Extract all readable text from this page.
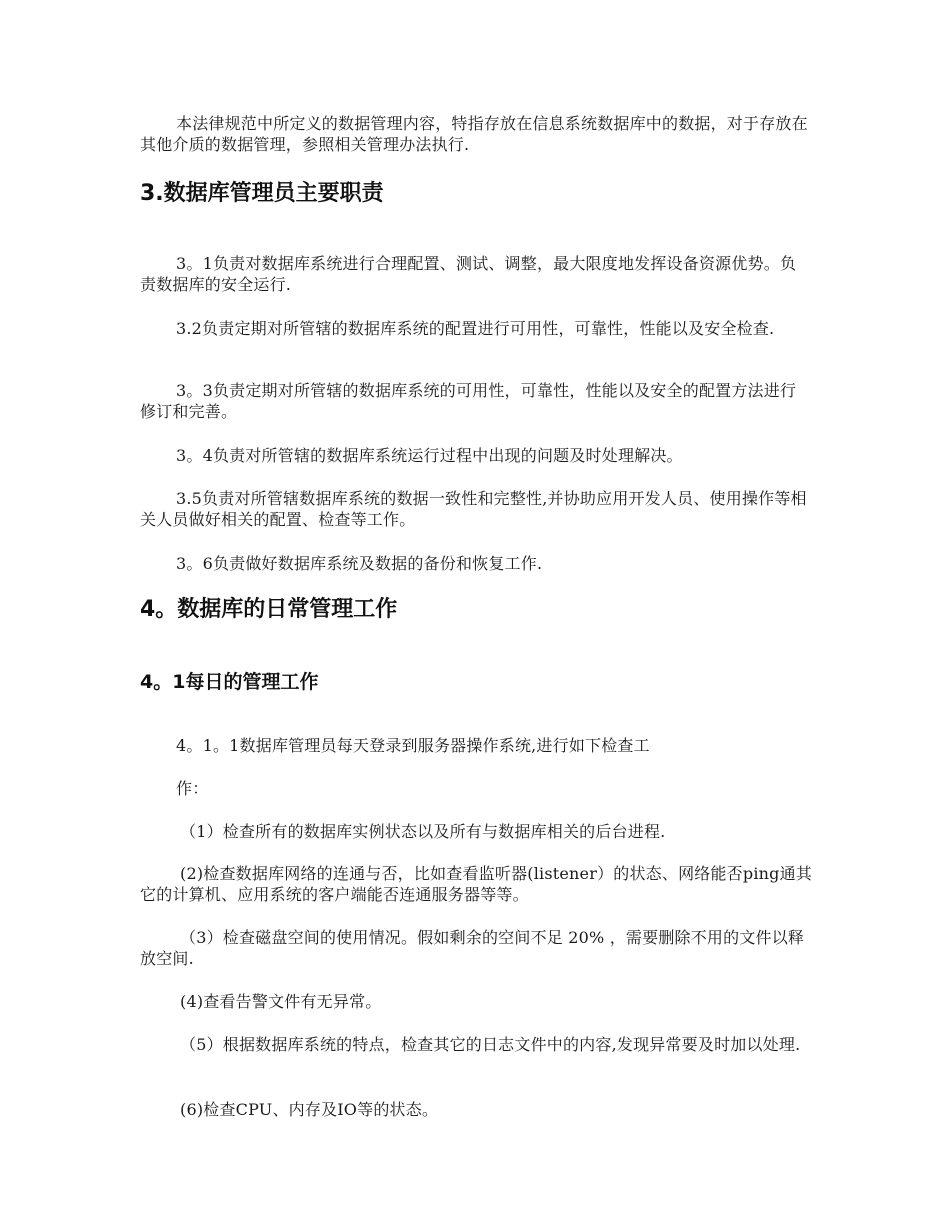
本法律规范中所定义的数据管理内容，特指存放在信息系统数据库中的数据，对于存放在其他介质的数据管理，参照相关管理办法执行.
3.数据库管理员主要职责
3。1负责对数据库系统进行合理配置、测试、调整，最大限度地发挥设备资源优势。负责数据库的安全运行.
3.2负责定期对所管辖的数据库系统的配置进行可用性，可靠性，性能以及安全检查.
3。3负责定期对所管辖的数据库系统的可用性，可靠性，性能以及安全的配置方法进行修订和完善。
3。4负责对所管辖的数据库系统运行过程中出现的问题及时处理解决。
3.5负责对所管辖数据库系统的数据一致性和完整性,并协助应用开发人员、使用操作等相关人员做好相关的配置、检查等工作。
3。6负责做好数据库系统及数据的备份和恢复工作.
4。数据库的日常管理工作
4。1每日的管理工作
4。1。1数据库管理员每天登录到服务器操作系统,进行如下检查工
作：
（1）检查所有的数据库实例状态以及所有与数据库相关的后台进程.
(2)检查数据库网络的连通与否，比如查看监听器(listener）的状态、网络能否ping通其它的计算机、应用系统的客户端能否连通服务器等等。
（3）检查磁盘空间的使用情况。假如剩余的空间不足 20% ，需要删除不用的文件以释放空间.
(4)查看告警文件有无异常。
（5）根据数据库系统的特点，检查其它的日志文件中的内容,发现异常要及时加以处理.
(6)检查CPU、内存及IO等的状态。
